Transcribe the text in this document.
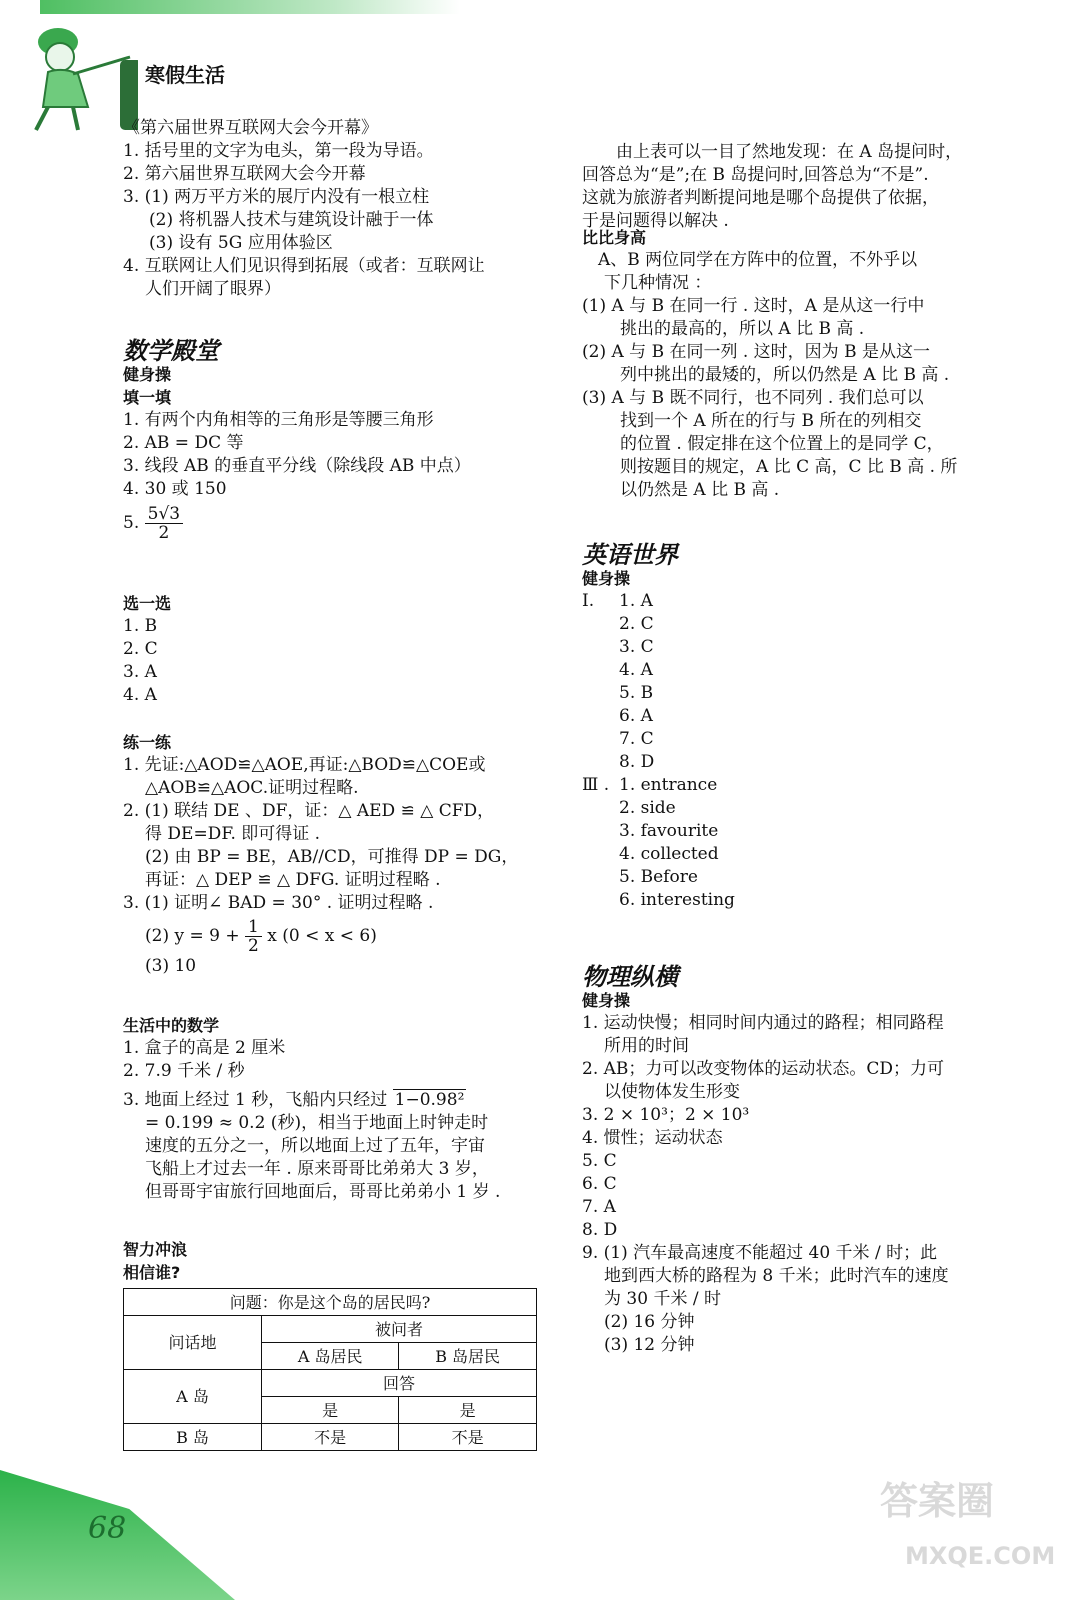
寒假生活
《第六届世界互联网大会今开幕》
1. 括号里的文字为电头，第一段为导语。
2. 第六届世界互联网大会今开幕
3. (1) 两万平方米的展厅内没有一根立柱
(2) 将机器人技术与建筑设计融于一体
(3) 设有 5G 应用体验区
4. 互联网让人们见识得到拓展（或者：互联网让
人们开阔了眼界）
数学殿堂
健身操
填一填
1. 有两个内角相等的三角形是等腰三角形
2. AB = DC 等
3. 线段 AB 的垂直平分线（除线段 AB 中点）
4. 30 或 150
5. $\frac{5√3}{2}$
选一选
1. B
2. C
3. A
4. A
练一练
1. 先证:△AOD≌△AOE,再证:△BOD≌△COE或
△AOB≌△AOC.证明过程略.
2. (1) 联结 DE 、DF，证：△ AED ≌ △ CFD，
得 DE=DF. 即可得证 .
(2) 由 BP = BE，AB//CD，可推得 DP = DG，
再证：△ DEP ≌ △ DFG. 证明过程略 .
3. (1) 证明∠ BAD = 30° . 证明过程略 .
(2) $y = 9 + \frac{1}{2}$ x (0 < x < 6)
(3) 10
生活中的数学
1. 盒子的高是 2 厘米
2. 7.9 千米 / 秒
3. 地面上经过 1 秒，飞船内只经过 1−0.98²
= 0.199 ≈ 0.2 (秒)，相当于地面上时钟走时
速度的五分之一，所以地面上过了五年，宇宙
飞船上才过去一年 . 原来哥哥比弟弟大 3 岁，
但哥哥宇宙旅行回地面后，哥哥比弟弟小 1 岁 .
智力冲浪
相信谁?
问题：你是这个岛的居民吗?		
问话地	被问者	
	A 岛居民	B 岛居民
A 岛	回答	
	是	是
B 岛	不是	不是
由上表可以一目了然地发现：在 A 岛提问时，
回答总为“是”;在 B 岛提问时,回答总为“不是”.
这就为旅游者判断提问地是哪个岛提供了依据，
于是问题得以解决 .
比比身高
A、B 两位同学在方阵中的位置，不外乎以
下几种情况 ：
(1) A 与 B 在同一行 . 这时，A 是从这一行中
挑出的最高的，所以 A 比 B 高 .
(2) A 与 B 在同一列 . 这时，因为 B 是从这一
列中挑出的最矮的，所以仍然是 A 比 B 高 .
(3) A 与 B 既不同行，也不同列 . 我们总可以
找到一个 A 所在的行与 B 所在的列相交
的位置 . 假定排在这个位置上的是同学 C，
则按题目的规定，A 比 C 高，C 比 B 高 . 所
以仍然是 A 比 B 高 .
英语世界
健身操
I. 1. A
2. C
3. C
4. A
5. B
6. A
7. C
8. D
Ⅲ . 1. entrance
2. side
3. favourite
4. collected
5. Before
6. interesting
物理纵横
健身操
1. 运动快慢；相同时间内通过的路程；相同路程
所用的时间
2. AB；力可以改变物体的运动状态。CD；力可
以使物体发生形变
3. 2 × 10³；2 × 10³
4. 惯性；运动状态
5. C
6. C
7. A
8. D
9. (1) 汽车最高速度不能超过 40 千米 / 时；此
地到西大桥的路程为 8 千米；此时汽车的速度
为 30 千米 / 时
(2) 16 分钟
(3) 12 分钟
68
答案圈
MXQE.COM
